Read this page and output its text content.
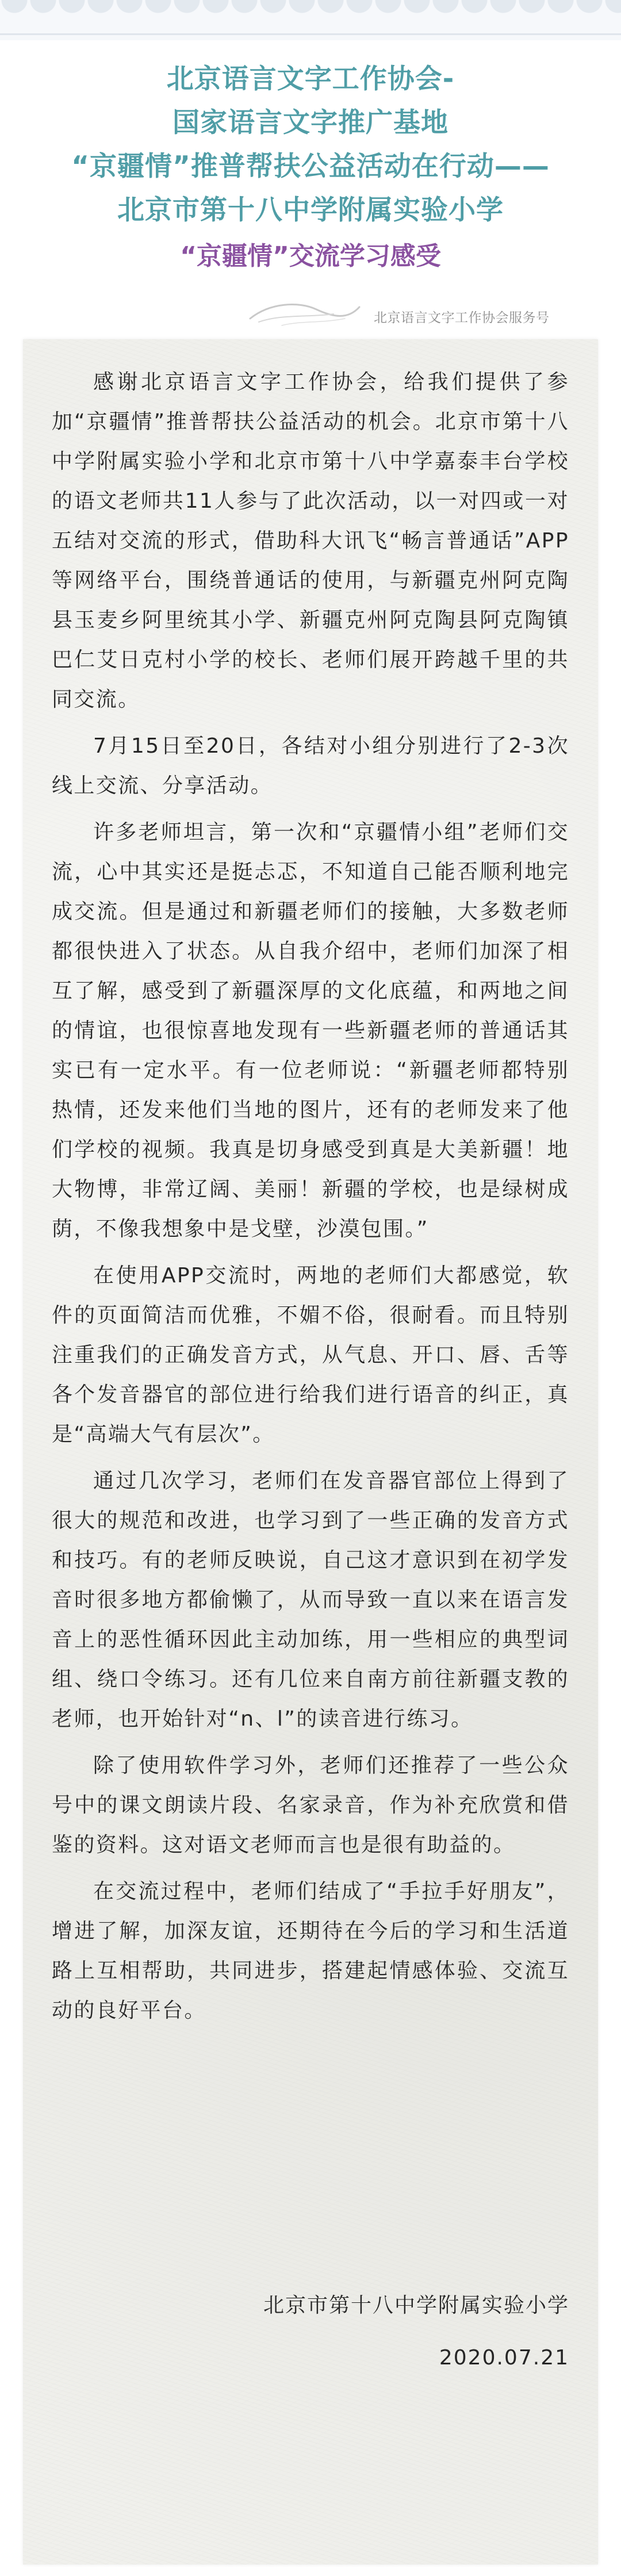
北京语言文字工作协会-
国家语言文字推广基地
“京疆情”推普帮扶公益活动在行动——
北京市第十八中学附属实验小学
“京疆情”交流学习感受
北京语言文字工作协会服务号

感谢北京语言文字工作协会，给我们提供了参加“京疆情”推普帮扶公益活动的机会。北京市第十八中学附属实验小学和北京市第十八中学嘉泰丰台学校的语文老师共11人参与了此次活动，以一对四或一对五结对交流的形式，借助科大讯飞“畅言普通话”APP等网络平台，围绕普通话的使用，与新疆克州阿克陶县玉麦乡阿里统其小学、新疆克州阿克陶县阿克陶镇巴仁艾日克村小学的校长、老师们展开跨越千里的共同交流。

7月15日至20日，各结对小组分别进行了2-3次线上交流、分享活动。

许多老师坦言，第一次和“京疆情小组”老师们交流，心中其实还是挺忐忑，不知道自己能否顺利地完成交流。但是通过和新疆老师们的接触，大多数老师都很快进入了状态。从自我介绍中，老师们加深了相互了解，感受到了新疆深厚的文化底蕴，和两地之间的情谊，也很惊喜地发现有一些新疆老师的普通话其实已有一定水平。有一位老师说：“新疆老师都特别热情，还发来他们当地的图片，还有的老师发来了他们学校的视频。我真是切身感受到真是大美新疆！地大物博，非常辽阔、美丽！新疆的学校，也是绿树成荫，不像我想象中是戈壁，沙漠包围。”

在使用APP交流时，两地的老师们大都感觉，软件的页面简洁而优雅，不媚不俗，很耐看。而且特别注重我们的正确发音方式，从气息、开口、唇、舌等各个发音器官的部位进行给我们进行语音的纠正，真是“高端大气有层次”。

通过几次学习，老师们在发音器官部位上得到了很大的规范和改进，也学习到了一些正确的发音方式和技巧。有的老师反映说，自己这才意识到在初学发音时很多地方都偷懒了，从而导致一直以来在语言发音上的恶性循环因此主动加练，用一些相应的典型词组、绕口令练习。还有几位来自南方前往新疆支教的老师，也开始针对“n、l”的读音进行练习。

除了使用软件学习外，老师们还推荐了一些公众号中的课文朗读片段、名家录音，作为补充欣赏和借鉴的资料。这对语文老师而言也是很有助益的。

在交流过程中，老师们结成了“手拉手好朋友”，增进了解，加深友谊，还期待在今后的学习和生活道路上互相帮助，共同进步，搭建起情感体验、交流互动的良好平台。

北京市第十八中学附属实验小学
2020.07.21
